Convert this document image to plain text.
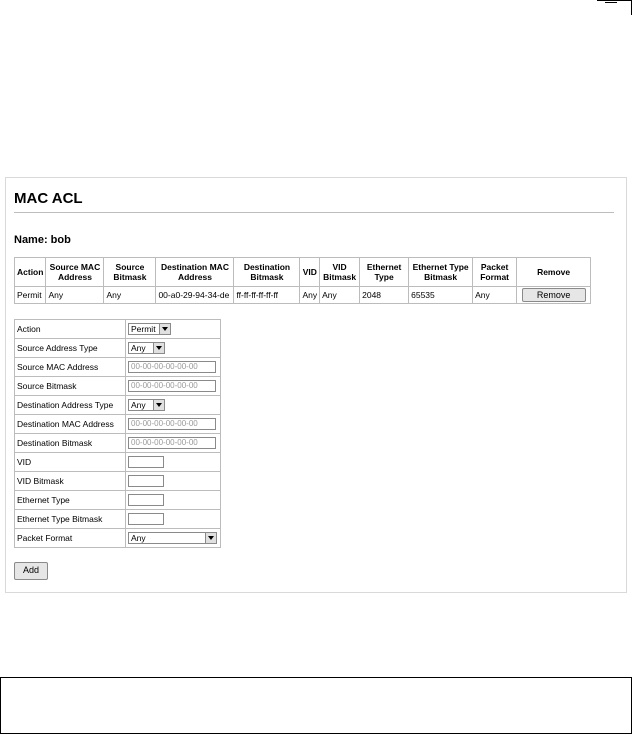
MAC ACL
Name: bob
Action	Source MAC Address	Source Bitmask	Destination MAC Address	Destination Bitmask	VID	VID Bitmask	Ethernet Type	Ethernet Type Bitmask	Packet Format	Remove
Permit	Any	Any	00-a0-29-94-34-de	ff-ff-ff-ff-ff-ff	Any	Any	2048	65535	Any	Remove
Action	Permit

Source Address Type	Any

Source MAC Address	00-00-00-00-00-00
Source Bitmask	00-00-00-00-00-00
Destination Address Type	Any

Destination MAC Address	00-00-00-00-00-00
Destination Bitmask	00-00-00-00-00-00
VID	
VID Bitmask	
Ethernet Type	
Ethernet Type Bitmask	
Packet Format	Any
Add
